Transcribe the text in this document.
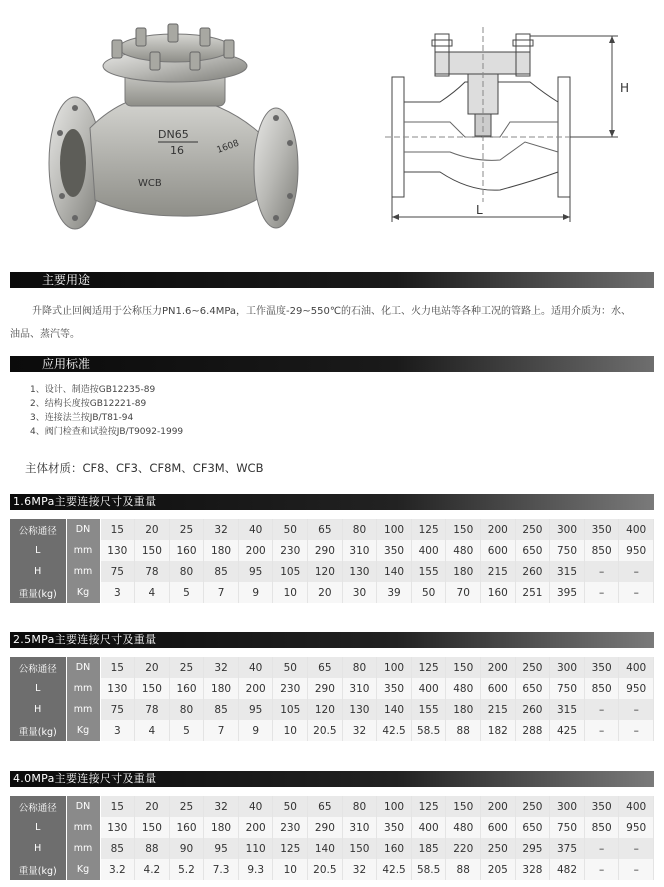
DN65
16	1608
WCB
H
L
主要用途
升降式止回阀适用于公称压力PN1.6~6.4MPa，工作温度-29~550℃的石油、化工、火力电站等各种工况的管路上。适用介质为：水、
油品、蒸汽等。
应用标准
1、设计、制造按GB12235-89
2、结构长度按GB12221-89
3、连接法兰按JB/T81-94
4、阀门检查和试验按JB/T9092-1999
主体材质：CF8、CF3、CF8M、CF3M、WCB
1.6MPa主要连接尺寸及重量
公称通径	DN	15	20	25	32	40	50	65	80	100	125	150	200	250	300	350	400
L	mm	130	150	160	180	200	230	290	310	350	400	480	600	650	750	850	950
H	mm	75	78	80	85	95	105	120	130	140	155	180	215	260	315	–	–
重量(kg)	Kg	3	4	5	7	9	10	20	30	39	50	70	160	251	395	–	–
2.5MPa主要连接尺寸及重量
公称通径	DN	15	20	25	32	40	50	65	80	100	125	150	200	250	300	350	400
L	mm	130	150	160	180	200	230	290	310	350	400	480	600	650	750	850	950
H	mm	75	78	80	85	95	105	120	130	140	155	180	215	260	315	–	–
重量(kg)	Kg	3	4	5	7	9	10	20.5	32	42.5	58.5	88	182	288	425	–	–
4.0MPa主要连接尺寸及重量
公称通径	DN	15	20	25	32	40	50	65	80	100	125	150	200	250	300	350	400
L	mm	130	150	160	180	200	230	290	310	350	400	480	600	650	750	850	950
H	mm	85	88	90	95	110	125	140	150	160	185	220	250	295	375	–	–
重量(kg)	Kg	3.2	4.2	5.2	7.3	9.3	10	20.5	32	42.5	58.5	88	205	328	482	–	–
